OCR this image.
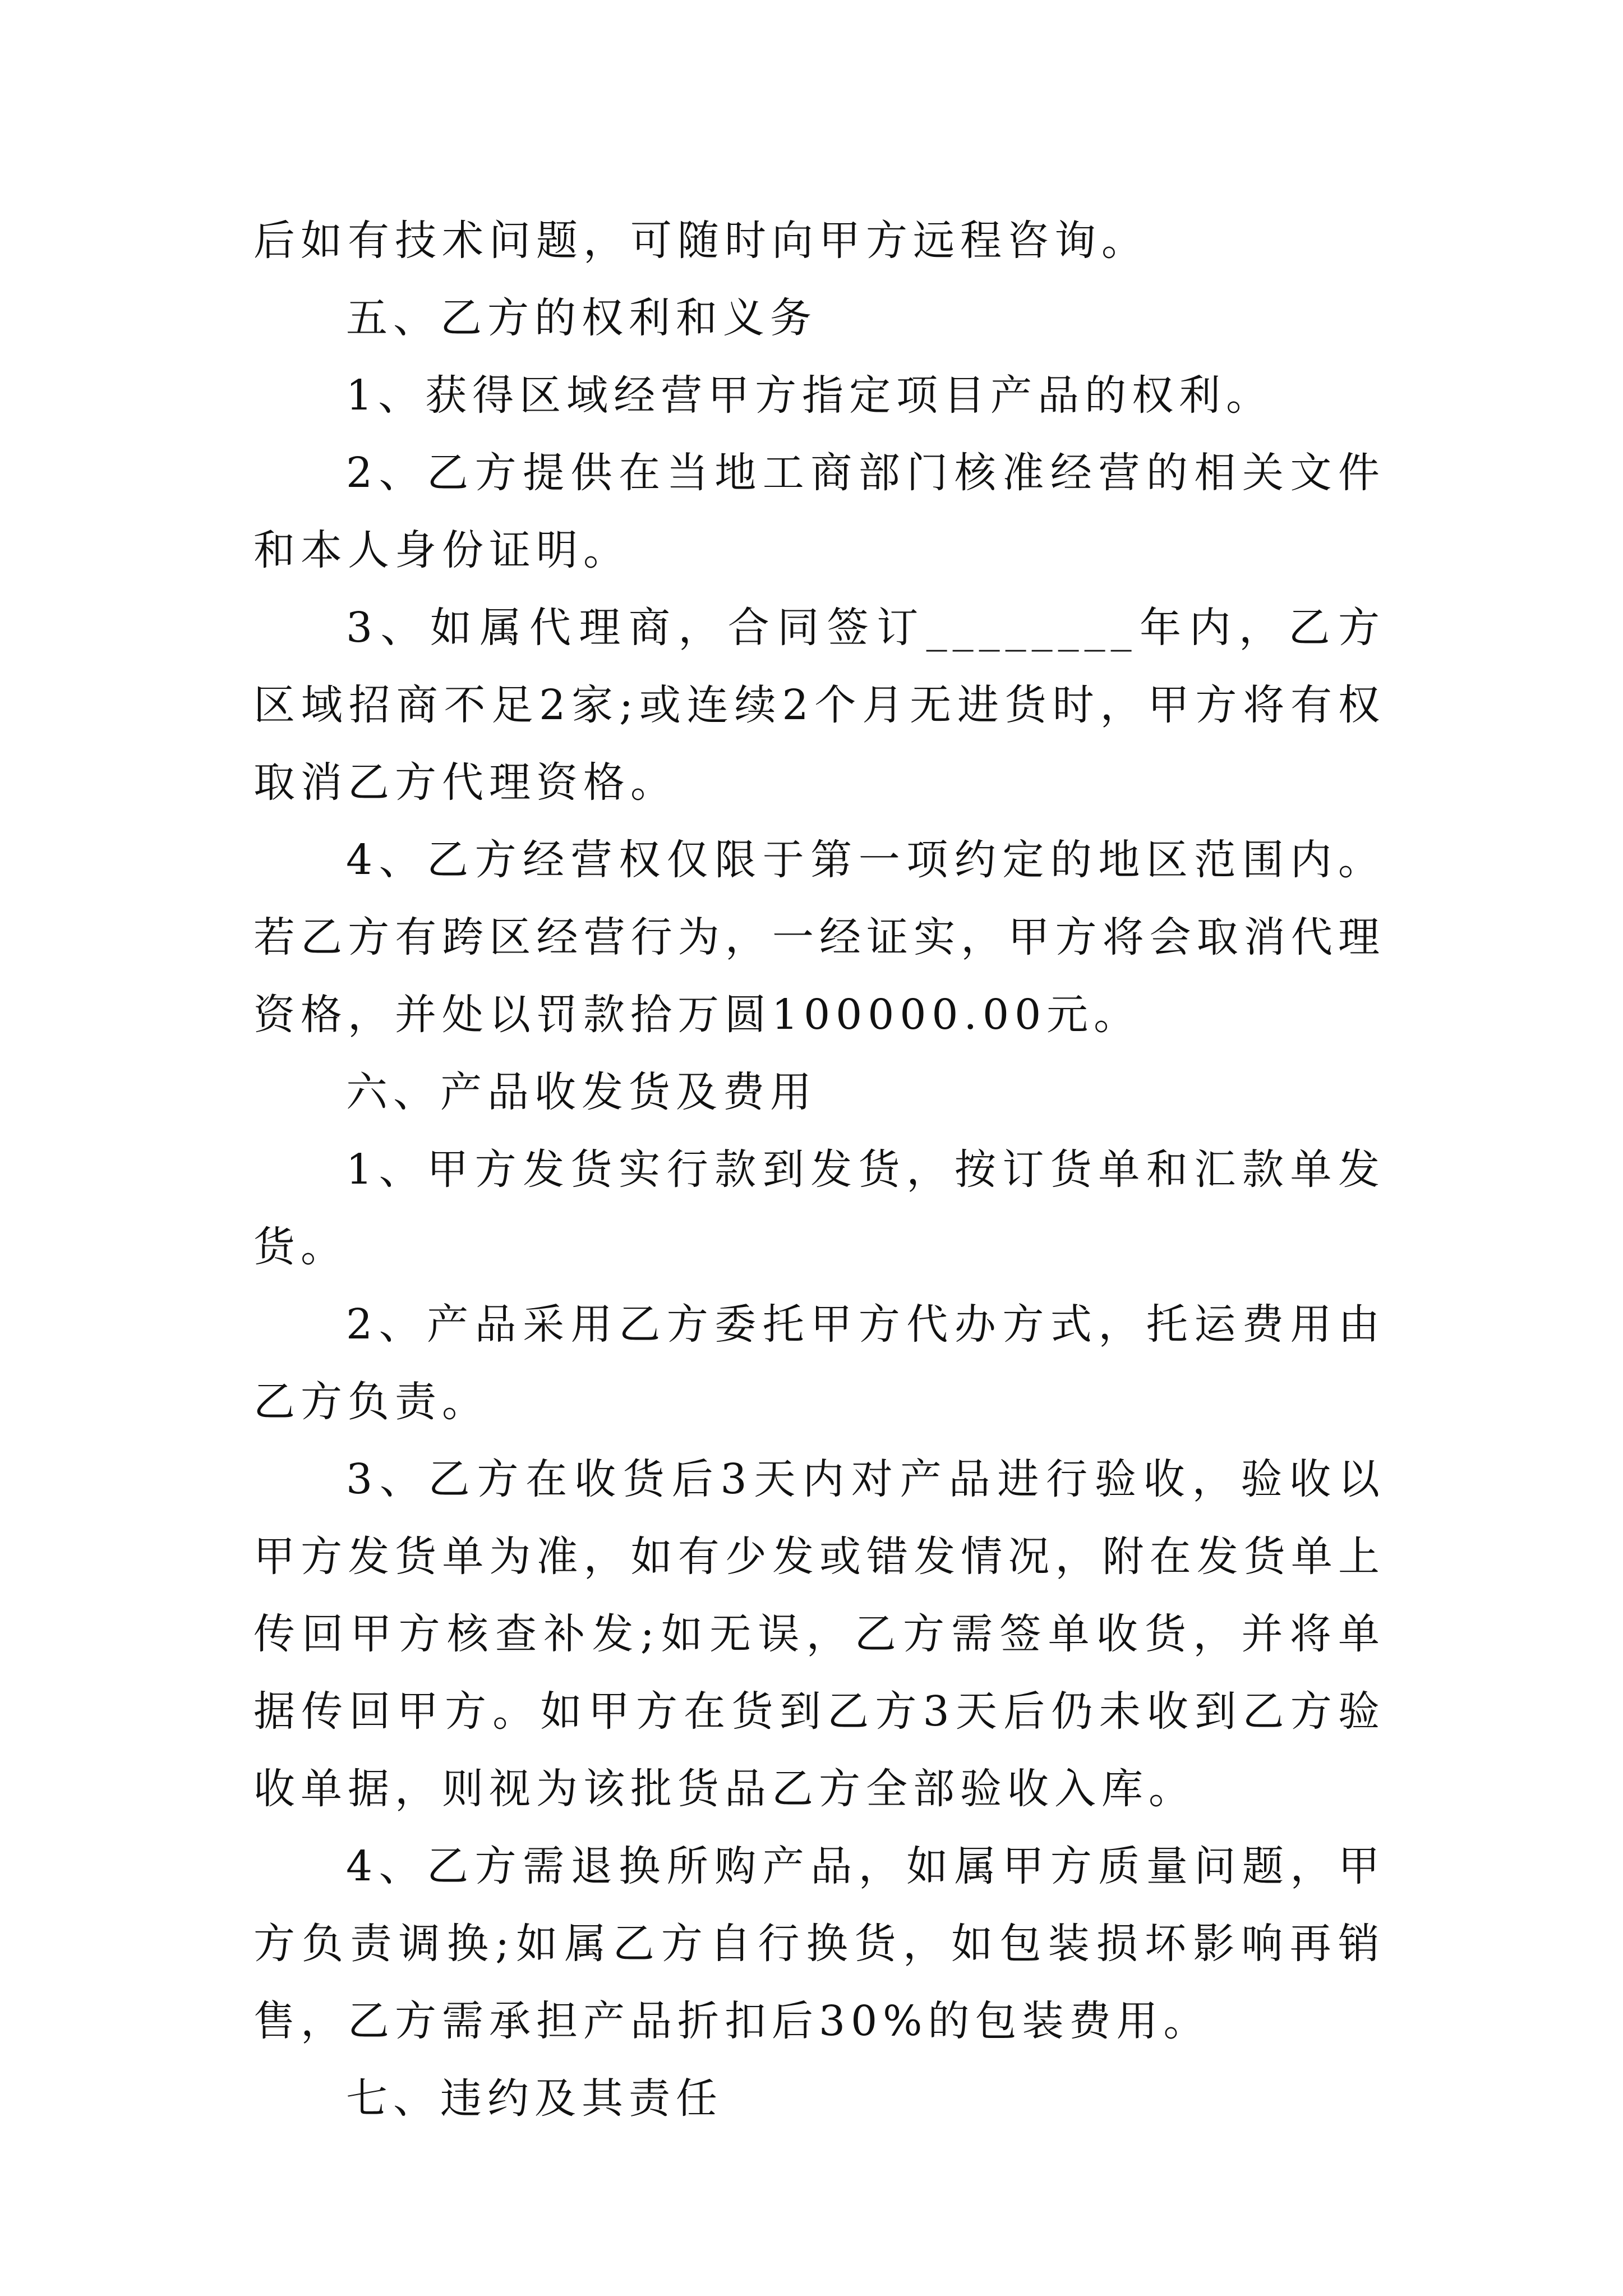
后如有技术问题，可随时向甲方远程咨询。

五、乙方的权利和义务

1、获得区域经营甲方指定项目产品的权利。

2、乙方提供在当地工商部门核准经营的相关文件和本人身份证明。

3、如属代理商，合同签订________年内，乙方区域招商不足2家;或连续2个月无进货时，甲方将有权取消乙方代理资格。

4、乙方经营权仅限于第一项约定的地区范围内。若乙方有跨区经营行为，一经证实，甲方将会取消代理资格，并处以罚款拾万圆100000.00元。

六、产品收发货及费用

1、甲方发货实行款到发货，按订货单和汇款单发货。

2、产品采用乙方委托甲方代办方式，托运费用由乙方负责。

3、乙方在收货后3天内对产品进行验收，验收以甲方发货单为准，如有少发或错发情况，附在发货单上传回甲方核查补发;如无误，乙方需签单收货，并将单据传回甲方。如甲方在货到乙方3天后仍未收到乙方验收单据，则视为该批货品乙方全部验收入库。

4、乙方需退换所购产品，如属甲方质量问题，甲方负责调换;如属乙方自行换货，如包装损坏影响再销售，乙方需承担产品折扣后30%的包装费用。

七、违约及其责任
